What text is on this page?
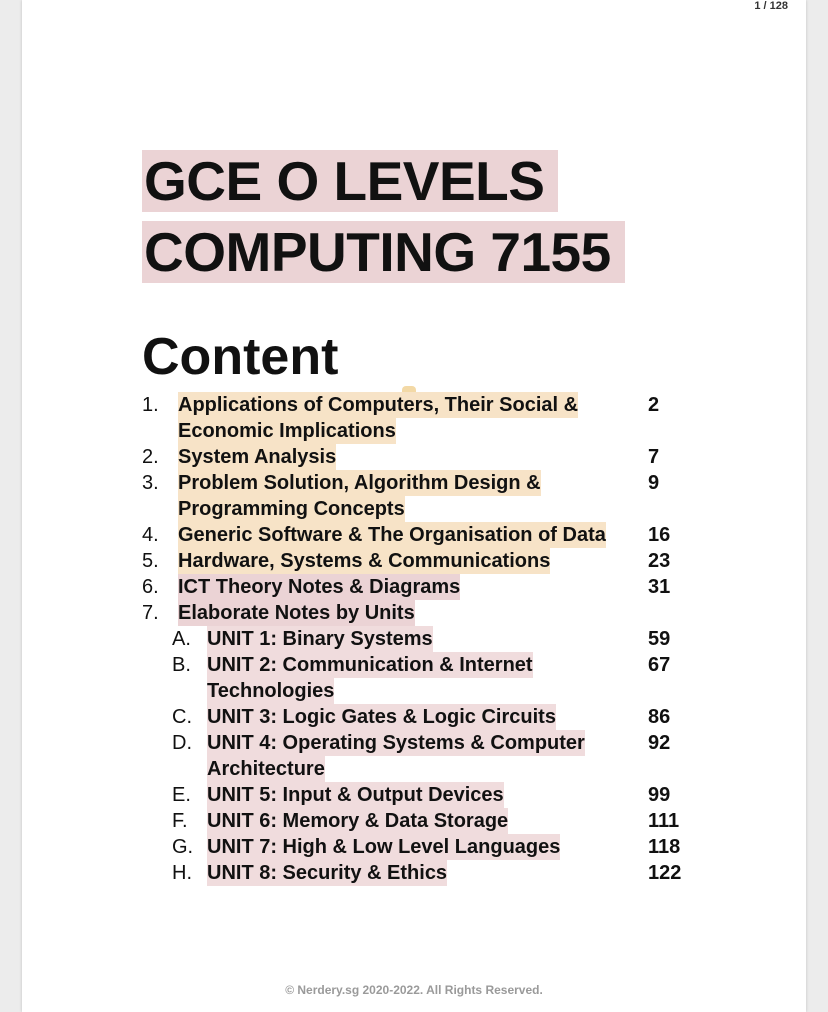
1 / 128
GCE O LEVELS
COMPUTING 7155
Content
1. Applications of Computers, Their Social &	2
Economic Implications
2. System Analysis	7
3. Problem Solution, Algorithm Design &	9
Programming Concepts
4. Generic Software & The Organisation of Data 16
5. Hardware, Systems & Communications	23
6. ICT Theory Notes & Diagrams	31
7. Elaborate Notes by Units
A. UNIT 1: Binary Systems	59
B. UNIT 2: Communication & Internet	67
Technologies
C. UNIT 3: Logic Gates & Logic Circuits	86
D. UNIT 4: Operating Systems & Computer	92
Architecture
E. UNIT 5: Input & Output Devices	99
F. UNIT 6: Memory & Data Storage	111
G. UNIT 7: High & Low Level Languages	118
H. UNIT 8: Security & Ethics	122
© Nerdery.sg 2020-2022. All Rights Reserved.
